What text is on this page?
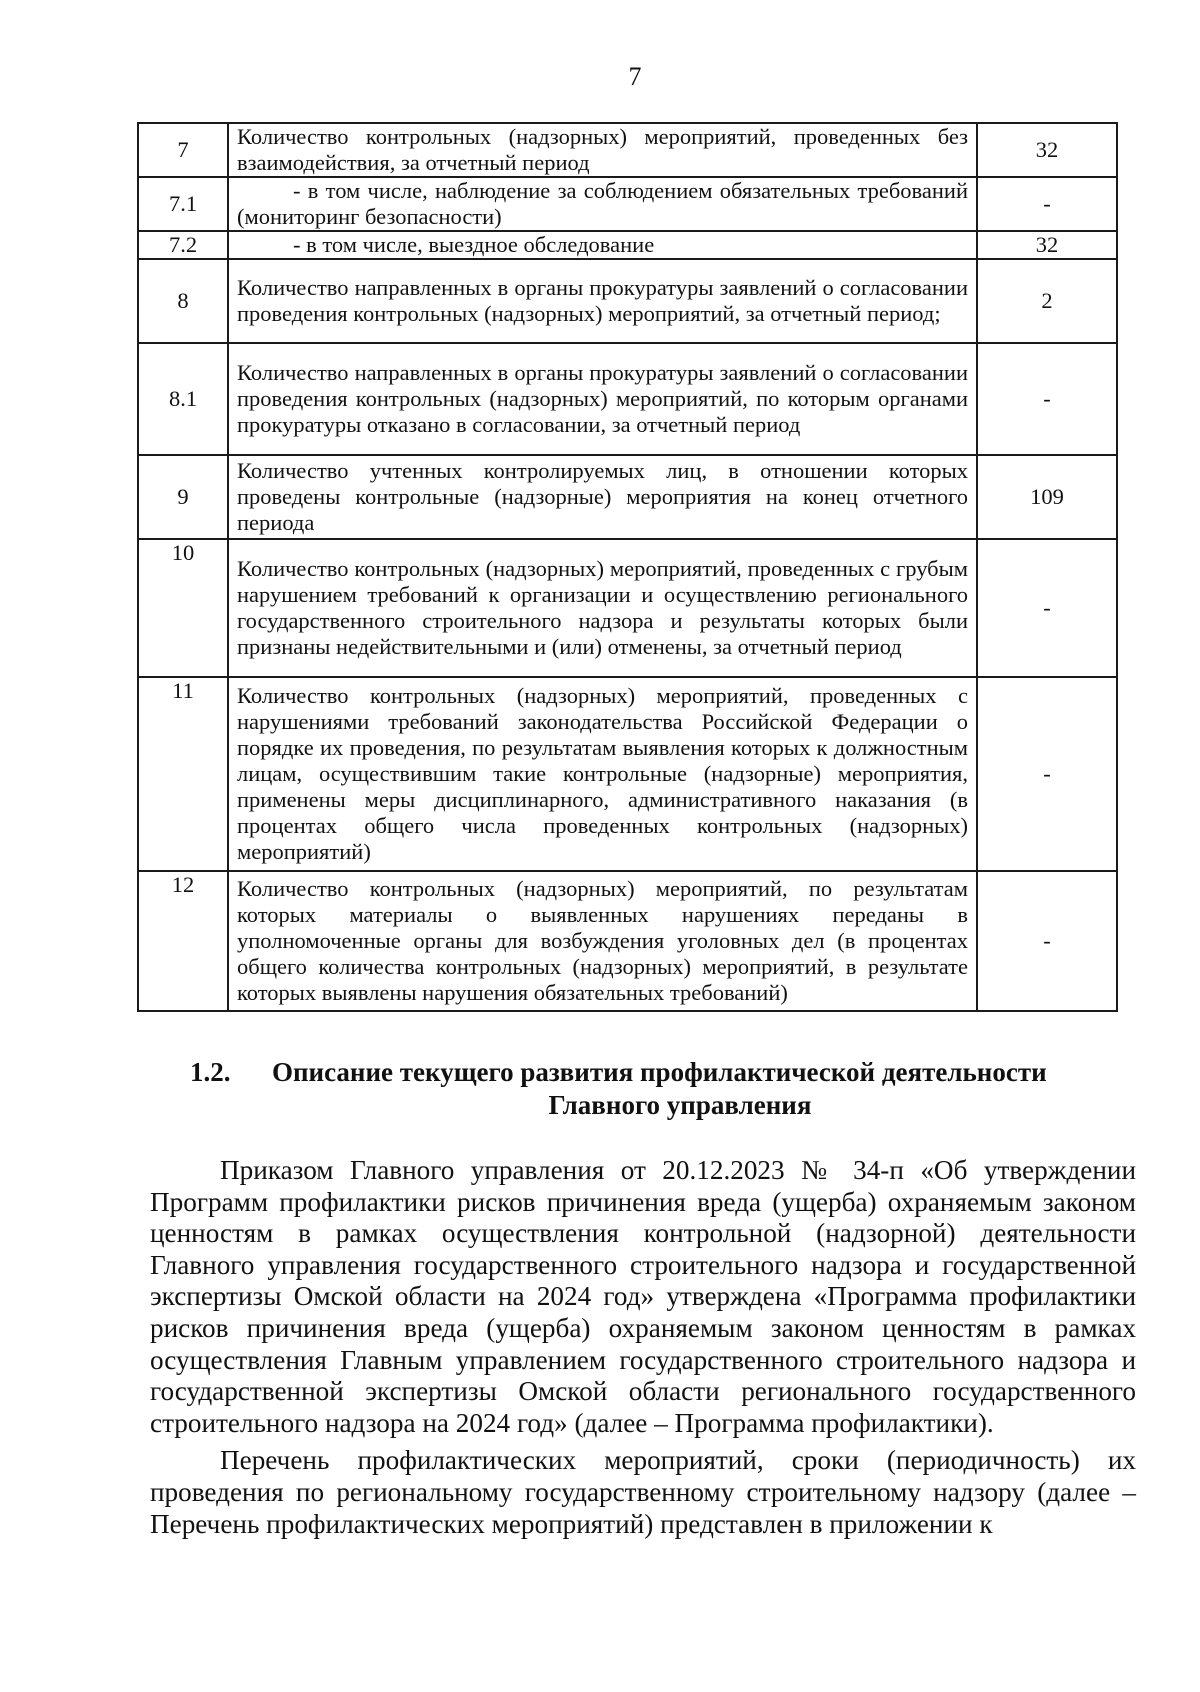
7
7	Количество контрольных (надзорных) мероприятий, проведенных без взаимодействия, за отчетный период	32
7.1	- в том числе, наблюдение за соблюдением обязательных требований (мониторинг безопасности)	-
7.2	- в том числе, выездное обследование	32
8	Количество направленных в органы прокуратуры заявлений о согласовании проведения контрольных (надзорных) мероприятий, за отчетный период;	2
8.1	Количество направленных в органы прокуратуры заявлений о согласовании проведения контрольных (надзорных) мероприятий, по которым органами прокуратуры отказано в согласовании, за отчетный период	-
9	Количество учтенных контролируемых лиц, в отношении которых проведены контрольные (надзорные) мероприятия на конец отчетного периода	109
10	Количество контрольных (надзорных) мероприятий, проведенных с грубым нарушением требований к организации и осуществлению регионального государственного строительного надзора и результаты которых были признаны недействительными и (или) отменены, за отчетный период	-
11	Количество контрольных (надзорных) мероприятий, проведенных с нарушениями требований законодательства Российской Федерации о порядке их проведения, по результатам выявления которых к должностным лицам, осуществившим такие контрольные (надзорные) мероприятия, применены меры дисциплинарного, административного наказания (в процентах общего числа проведенных контрольных (надзорных) мероприятий)	-
12	Количество контрольных (надзорных) мероприятий, по результатам которых материалы о выявленных нарушениях переданы в уполномоченные органы для возбуждения уголовных дел (в процентах общего количества контрольных (надзорных) мероприятий, в результате которых выявлены нарушения обязательных требований)	-
1.2.	Описание текущего развития профилактической деятельности
Главного управления

Приказом Главного управления от 20.12.2023 № 34-п «Об утверждении Программ профилактики рисков причинения вреда (ущерба) охраняемым законом ценностям в рамках осуществления контрольной (надзорной) деятельности Главного управления государственного строительного надзора и государственной экспертизы Омской области на 2024 год» утверждена «Программа профилактики рисков причинения вреда (ущерба) охраняемым законом ценностям в рамках осуществления Главным управлением государственного строительного надзора и государственной экспертизы Омской области регионального государственного строительного надзора на 2024 год» (далее – Программа профилактики).

Перечень профилактических мероприятий, сроки (периодичность) их проведения по региональному государственному строительному надзору (далее – Перечень профилактических мероприятий) представлен в приложении к
